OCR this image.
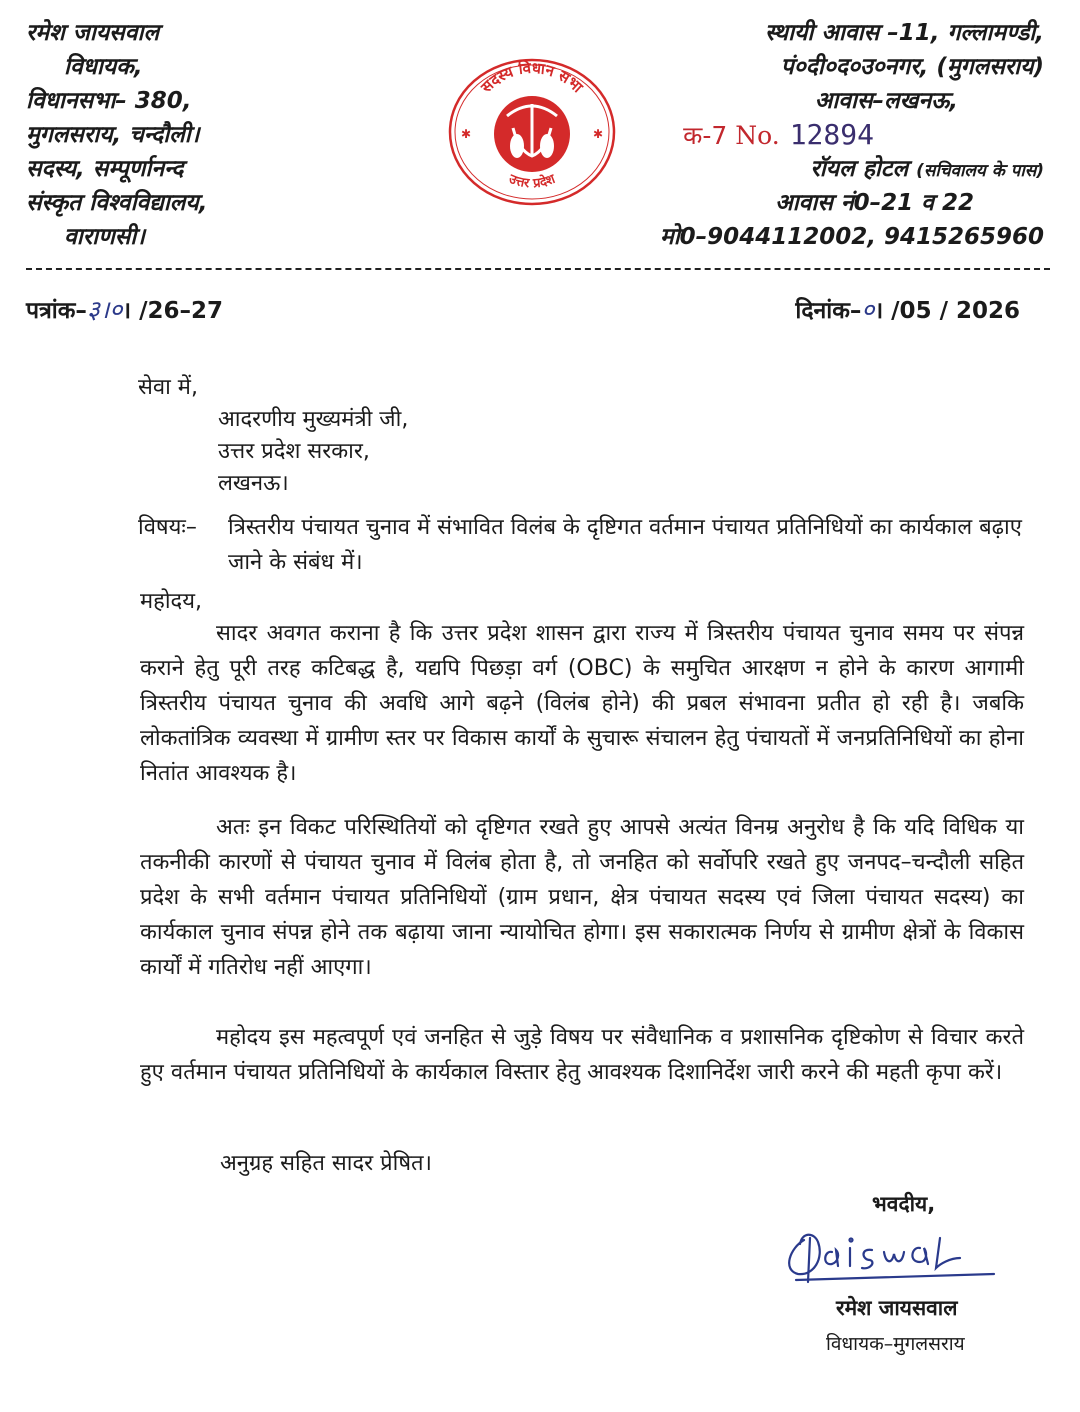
रमेश जायसवाल
विधायक,
विधानसभा– 380,
मुगलसराय, चन्दौली।
सदस्य, सम्पूर्णानन्द
संस्कृत विश्वविद्यालय,
वाराणसी।
सदस्य विधान सभा
उत्तर प्रदेश
✱	✱
स्थायी आवास –11, गल्लामण्डी,
पं०दी०द०उ०नगर, (मुगलसराय)
आवास–लखनऊ,
क-7 No. 12894
रॉयल होटल (सचिवालय के पास)
आवास नं0–21 व 22
मो0–9044112002, 9415265960
पत्रांक–३।०। /26–27	दिनांक–०। /05 / 2026
सेवा में,
आदरणीय मुख्यमंत्री जी,
उत्तर प्रदेश सरकार,
लखनऊ।
विषयः– त्रिस्तरीय पंचायत चुनाव में संभावित विलंब के दृष्टिगत वर्तमान पंचायत प्रतिनिधियों का कार्यकाल बढ़ाए जाने के संबंध में।
महोदय,
सादर अवगत कराना है कि उत्तर प्रदेश शासन द्वारा राज्य में त्रिस्तरीय पंचायत चुनाव समय पर संपन्न कराने हेतु पूरी तरह कटिबद्ध है, यद्यपि पिछड़ा वर्ग (OBC) के समुचित आरक्षण न होने के कारण आगामी त्रिस्तरीय पंचायत चुनाव की अवधि आगे बढ़ने (विलंब होने) की प्रबल संभावना प्रतीत हो रही है। जबकि लोकतांत्रिक व्यवस्था में ग्रामीण स्तर पर विकास कार्यों के सुचारू संचालन हेतु पंचायतों में जनप्रतिनिधियों का होना नितांत आवश्यक है।
अतः इन विकट परिस्थितियों को दृष्टिगत रखते हुए आपसे अत्यंत विनम्र अनुरोध है कि यदि विधिक या तकनीकी कारणों से पंचायत चुनाव में विलंब होता है, तो जनहित को सर्वोपरि रखते हुए जनपद–चन्दौली सहित प्रदेश के सभी वर्तमान पंचायत प्रतिनिधियों (ग्राम प्रधान, क्षेत्र पंचायत सदस्य एवं जिला पंचायत सदस्य) का कार्यकाल चुनाव संपन्न होने तक बढ़ाया जाना न्यायोचित होगा। इस सकारात्मक निर्णय से ग्रामीण क्षेत्रों के विकास कार्यों में गतिरोध नहीं आएगा।
महोदय इस महत्वपूर्ण एवं जनहित से जुड़े विषय पर संवैधानिक व प्रशासनिक दृष्टिकोण से विचार करते हुए वर्तमान पंचायत प्रतिनिधियों के कार्यकाल विस्तार हेतु आवश्यक दिशानिर्देश जारी करने की महती कृपा करें।
अनुग्रह सहित सादर प्रेषित।
भवदीय,
रमेश जायसवाल
विधायक–मुगलसराय
